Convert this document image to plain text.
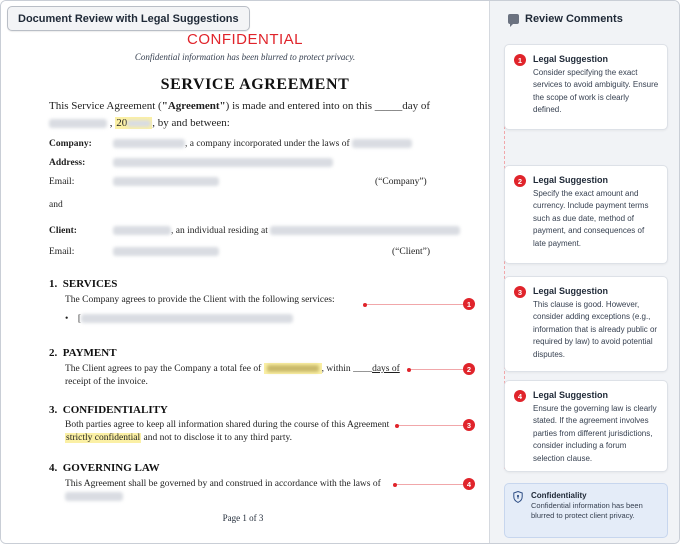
Document Review with Legal Suggestions
CONFIDENTIAL
Confidential information has been blurred to protect privacy.
SERVICE AGREEMENT
This Service Agreement ("Agreement") is made and entered into on this _____day of
, 20 , by and between:
Company:	, a company incorporated under the laws of
Address:
Email:	(“Company”)
and
Client:	, an individual residing at
Email:	(“Client”)
1. SERVICES
The Company agrees to provide the Client with the following services:
• [
2. PAYMENT
The Client agrees to pay the Company a total fee of	, within ____days of
receipt of the invoice.
3. CONFIDENTIALITY
Both parties agree to keep all information shared during the course of this Agreement
strictly confidential and not to disclose it to any third party.
4. GOVERNING LAW
This Agreement shall be governed by and construed in accordance with the laws of
1
2
3
4
Page 1 of 3
Review Comments
1	Legal Suggestion
Consider specifying the exact services to avoid ambiguity. Ensure the scope of work is clearly defined.
2	Legal Suggestion
Specify the exact amount and currency. Include payment terms such as due date, method of payment, and consequences of late payment.
3	Legal Suggestion
This clause is good. However, consider adding exceptions (e.g., information that is already public or required by law) to avoid potential disputes.
4	Legal Suggestion
Ensure the governing law is clearly stated. If the agreement involves parties from different jurisdictions, consider including a forum selection clause.
Confidentiality
Confidential information has been blurred to protect client privacy.
